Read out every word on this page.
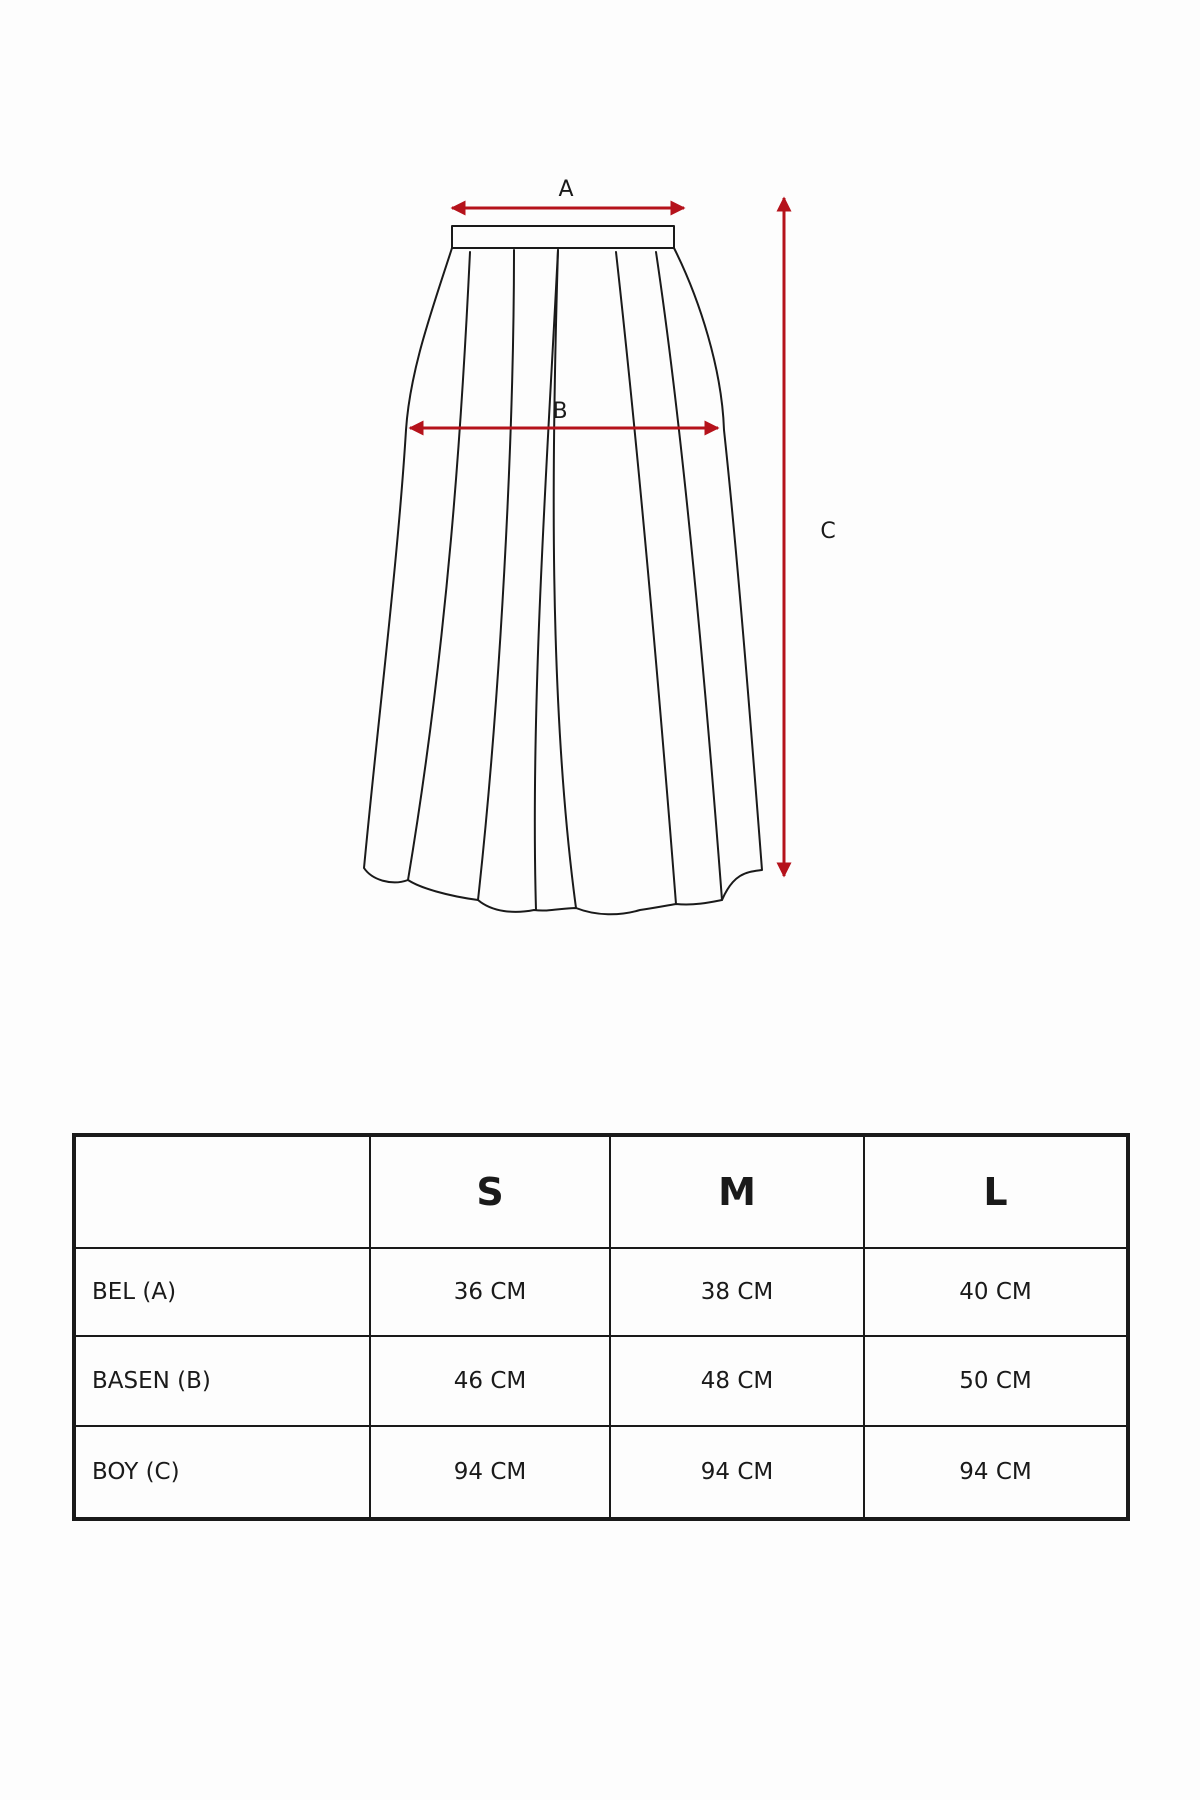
A
B
C
	S	M	L
BEL (A)	36 CM	38 CM	40 CM
BASEN (B)	46 CM	48 CM	50 CM
BOY (C)	94 CM	94 CM	94 CM
